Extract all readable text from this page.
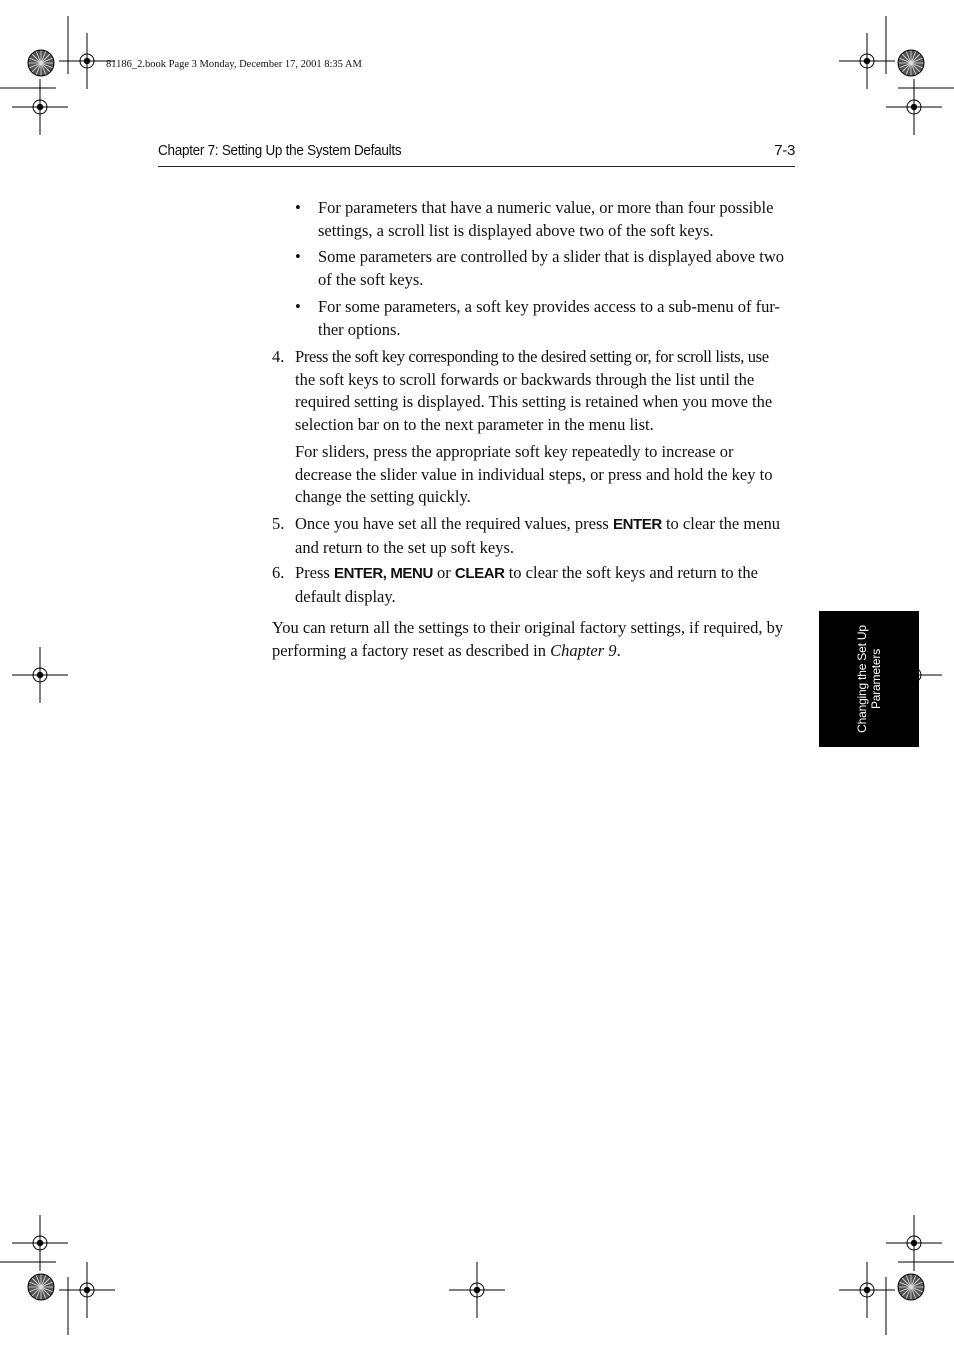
81186_2.book Page 3 Monday, December 17, 2001 8:35 AM
Chapter 7: Setting Up the System Defaults	7-3
• For parameters that have a numeric value, or more than four possible
settings, a scroll list is displayed above two of the soft keys.
• Some parameters are controlled by a slider that is displayed above two
of the soft keys.
• For some parameters, a soft key provides access to a sub-menu of fur-
ther options.
4. Press the soft key corresponding to the desired setting or, for scroll lists, use
the soft keys to scroll forwards or backwards through the list until the
required setting is displayed. This setting is retained when you move the
selection bar on to the next parameter in the menu list.
For sliders, press the appropriate soft key repeatedly to increase or
decrease the slider value in individual steps, or press and hold the key to
change the setting quickly.
5. Once you have set all the required values, press ENTER to clear the menu
and return to the set up soft keys.
6. Press ENTER, MENU or CLEAR to clear the soft keys and return to the
default display.
You can return all the settings to their original factory settings, if required, by
performing a factory reset as described in Chapter 9.	Changing the Set Up Parameters
